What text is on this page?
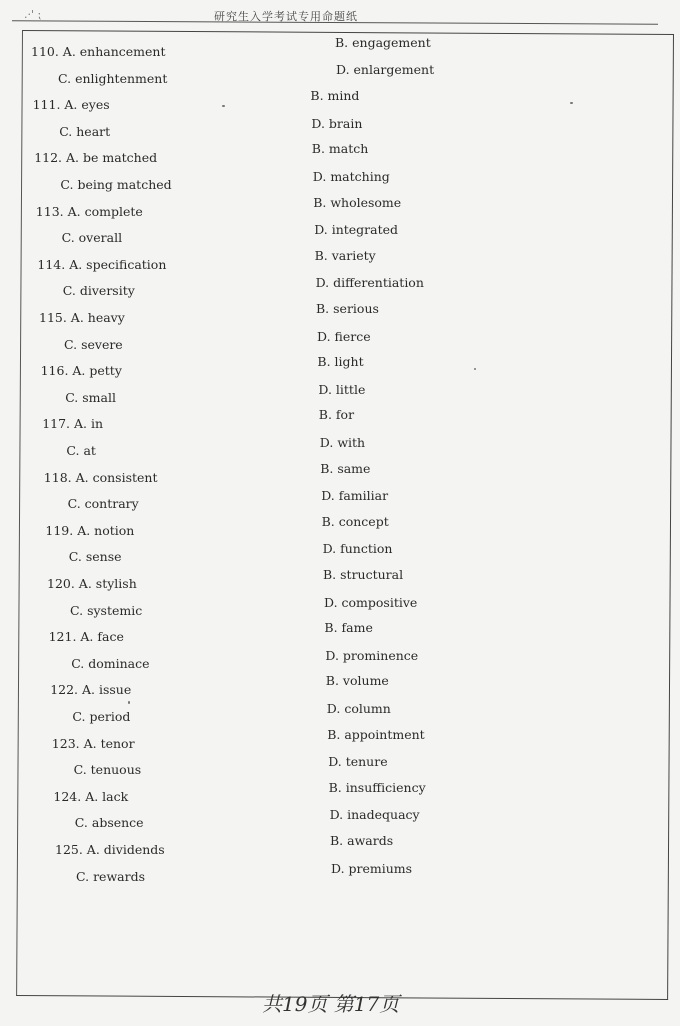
.·' ⁏	研究生入学考试专用命题纸
110. A. enhancement
C. enlightenment
B. engagement
D. enlargement
111. A. eyes
C. heart
B. mind
D. brain
112. A. be matched
C. being matched
B. match
D. matching
113. A. complete
C. overall
B. wholesome
D. integrated
114. A. specification
C. diversity
B. variety
D. differentiation
115. A. heavy
C. severe
B. serious
D. fierce
116. A. petty
C. small
B. light
D. little
117. A. in
C. at
B. for
D. with
118. A. consistent
C. contrary
B. same
D. familiar
119. A. notion
C. sense
B. concept
D. function
120. A. stylish
C. systemic
B. structural
D. compositive
121. A. face
C. dominace
B. fame
D. prominence
122. A. issue
C. period
B. volume
D. column
123. A. tenor
C. tenuous
B. appointment
D. tenure
124. A. lack
C. absence
B. insufficiency
D. inadequacy
125. A. dividends
C. rewards
B. awards
D. premiums
共19页 第17页
